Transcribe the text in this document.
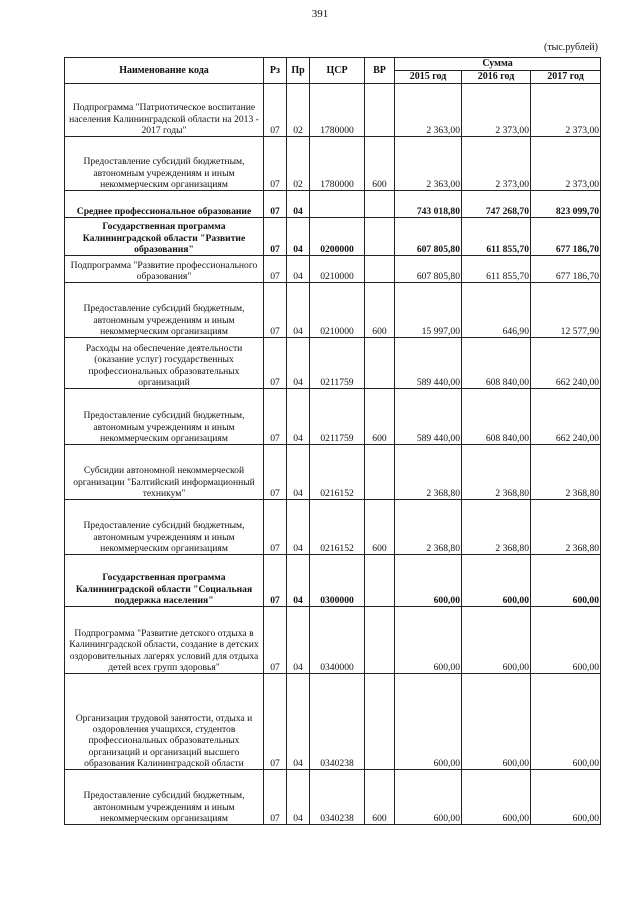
391
(тыс.рублей)
Наименование кода	Рз	Пр	ЦСР	ВР	Сумма		
					2015 год	2016 год	2017 год
Подпрограмма "Патриотическое воспитание населения Калининградской области на 2013 - 2017 годы"	07	02	1780000		2 363,00	2 373,00	2 373,00
Предоставление субсидий бюджетным, автономным учреждениям и иным некоммерческим организациям	07	02	1780000	600	2 363,00	2 373,00	2 373,00
Среднее профессиональное образование	07	04			743 018,80	747 268,70	823 099,70
Государственная программа Калининградской области "Развитие образования"	07	04	0200000		607 805,80	611 855,70	677 186,70
Подпрограмма "Развитие профессионального образования"	07	04	0210000		607 805,80	611 855,70	677 186,70
Предоставление субсидий бюджетным, автономным учреждениям и иным некоммерческим организациям	07	04	0210000	600	15 997,00	646,90	12 577,90
Расходы на обеспечение деятельности (оказание услуг) государственных профессиональных образовательных организаций	07	04	0211759		589 440,00	608 840,00	662 240,00
Предоставление субсидий бюджетным, автономным учреждениям и иным некоммерческим организациям	07	04	0211759	600	589 440,00	608 840,00	662 240,00
Субсидии автономной некоммерческой организации "Балтийский информационный техникум"	07	04	0216152		2 368,80	2 368,80	2 368,80
Предоставление субсидий бюджетным, автономным учреждениям и иным некоммерческим организациям	07	04	0216152	600	2 368,80	2 368,80	2 368,80
Государственная программа Калининградской области "Социальная поддержка населения"	07	04	0300000		600,00	600,00	600,00
Подпрограмма "Развитие детского отдыха в Калининградской области, создание в детских оздоровительных лагерях условий для отдыха детей всех групп здоровья"	07	04	0340000		600,00	600,00	600,00
Организация трудовой занятости, отдыха и оздоровления учащихся, студентов профессиональных образовательных организаций и организаций высшего образования Калининградской области	07	04	0340238		600,00	600,00	600,00
Предоставление субсидий бюджетным, автономным учреждениям и иным некоммерческим организациям	07	04	0340238	600	600,00	600,00	600,00
